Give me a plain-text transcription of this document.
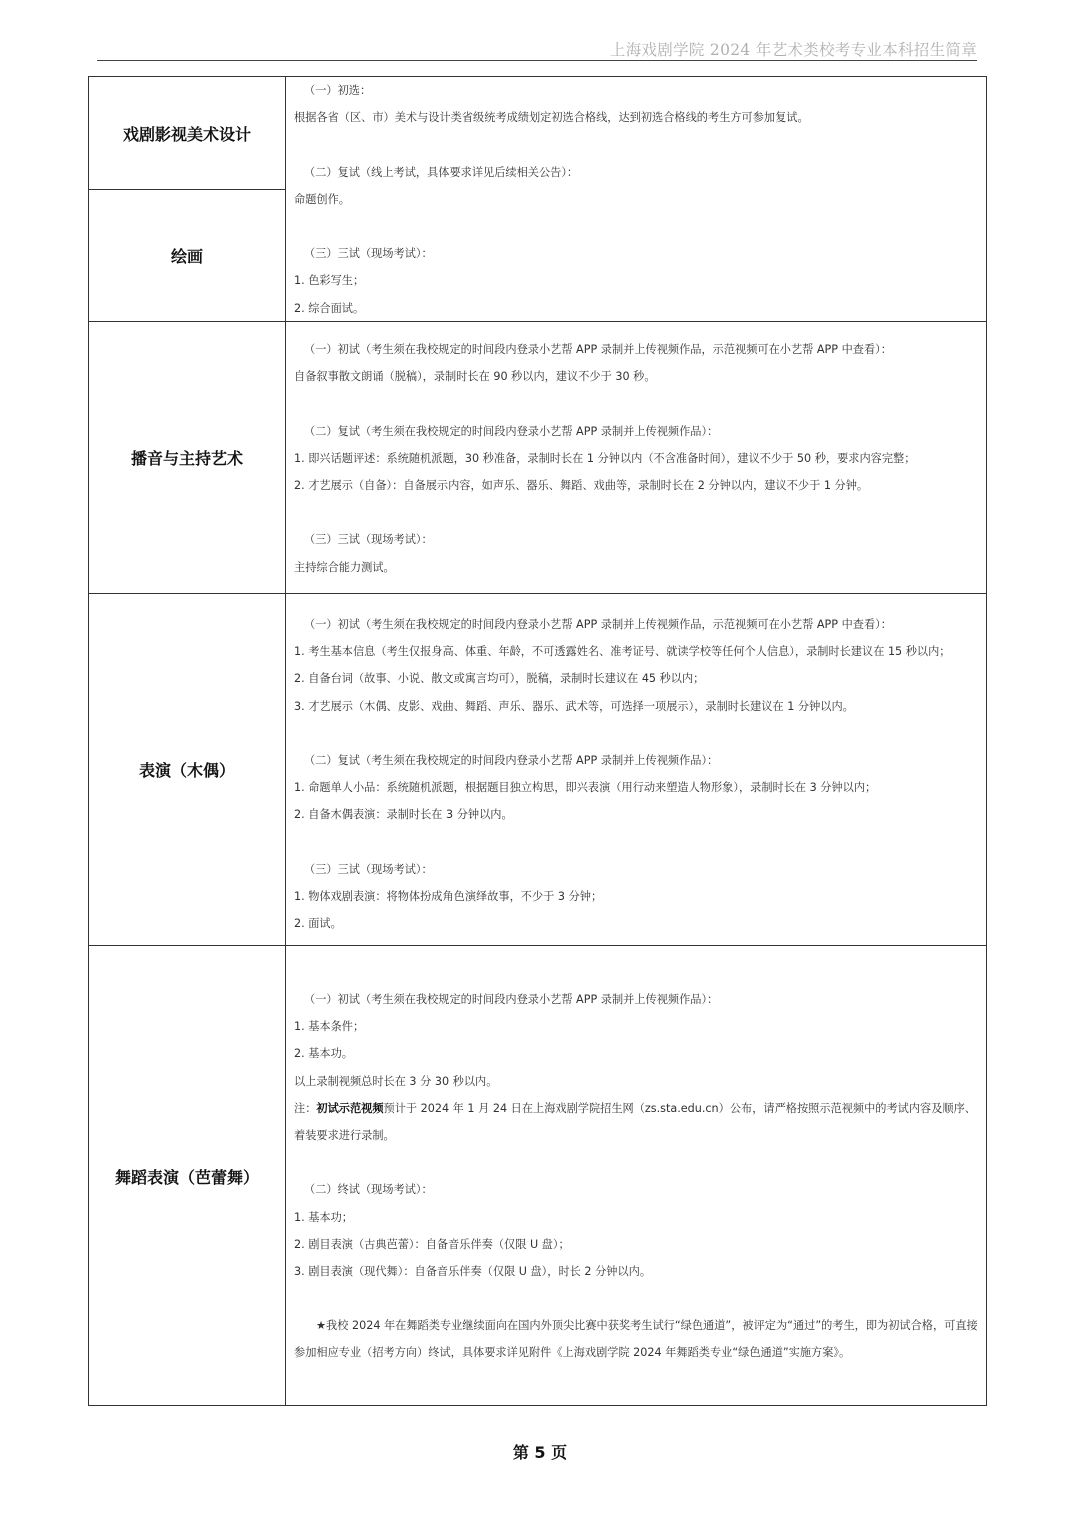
上海戏剧学院 2024 年艺术类校考专业本科招生简章
戏剧影视美术设计
绘画
播音与主持艺术
表演（木偶）
舞蹈表演（芭蕾舞）
（一）初选：
根据各省（区、市）美术与设计类省级统考成绩划定初选合格线，达到初选合格线的考生方可参加复试。
（二）复试（线上考试，具体要求详见后续相关公告）：
命题创作。
（三）三试（现场考试）：
1. 色彩写生；
2. 综合面试。
（一）初试（考生须在我校规定的时间段内登录小艺帮 APP 录制并上传视频作品，示范视频可在小艺帮 APP 中查看）：
自备叙事散文朗诵（脱稿），录制时长在 90 秒以内，建议不少于 30 秒。
（二）复试（考生须在我校规定的时间段内登录小艺帮 APP 录制并上传视频作品）：
1. 即兴话题评述：系统随机派题，30 秒准备，录制时长在 1 分钟以内（不含准备时间），建议不少于 50 秒，要求内容完整；
2. 才艺展示（自备）：自备展示内容，如声乐、器乐、舞蹈、戏曲等，录制时长在 2 分钟以内，建议不少于 1 分钟。
（三）三试（现场考试）：
主持综合能力测试。
（一）初试（考生须在我校规定的时间段内登录小艺帮 APP 录制并上传视频作品，示范视频可在小艺帮 APP 中查看）：
1. 考生基本信息（考生仅报身高、体重、年龄，不可透露姓名、准考证号、就读学校等任何个人信息），录制时长建议在 15 秒以内；
2. 自备台词（故事、小说、散文或寓言均可），脱稿，录制时长建议在 45 秒以内；
3. 才艺展示（木偶、皮影、戏曲、舞蹈、声乐、器乐、武术等，可选择一项展示），录制时长建议在 1 分钟以内。
（二）复试（考生须在我校规定的时间段内登录小艺帮 APP 录制并上传视频作品）：
1. 命题单人小品：系统随机派题，根据题目独立构思，即兴表演（用行动来塑造人物形象），录制时长在 3 分钟以内；
2. 自备木偶表演：录制时长在 3 分钟以内。
（三）三试（现场考试）：
1. 物体戏剧表演：将物体扮成角色演绎故事，不少于 3 分钟；
2. 面试。
（一）初试（考生须在我校规定的时间段内登录小艺帮 APP 录制并上传视频作品）：
1. 基本条件；
2. 基本功。
以上录制视频总时长在 3 分 30 秒以内。
注：初试示范视频预计于 2024 年 1 月 24 日在上海戏剧学院招生网（zs.sta.edu.cn）公布，请严格按照示范视频中的考试内容及顺序、着装要求进行录制。
（二）终试（现场考试）：
1. 基本功；
2. 剧目表演（古典芭蕾）：自备音乐伴奏（仅限 U 盘）；
3. 剧目表演（现代舞）：自备音乐伴奏（仅限 U 盘），时长 2 分钟以内。
★我校 2024 年在舞蹈类专业继续面向在国内外顶尖比赛中获奖考生试行“绿色通道”，被评定为“通过”的考生，即为初试合格，可直接参加相应专业（招考方向）终试，具体要求详见附件《上海戏剧学院 2024 年舞蹈类专业“绿色通道”实施方案》。
第 5 页
